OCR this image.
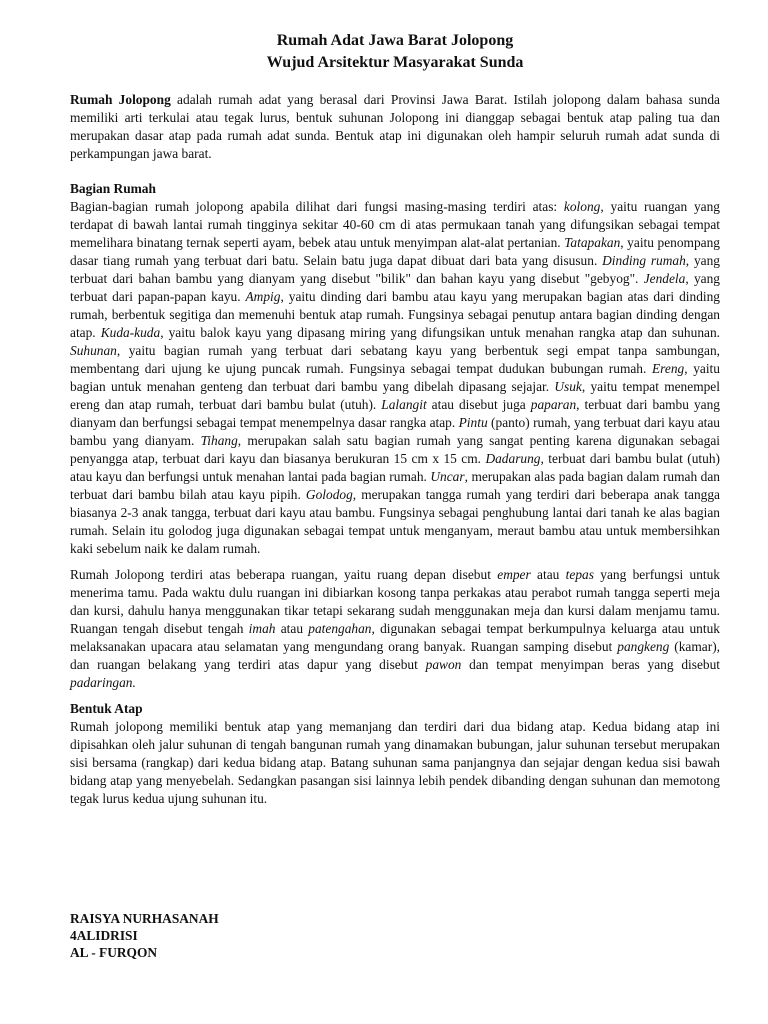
Rumah Adat Jawa Barat Jolopong
Wujud Arsitektur Masyarakat Sunda

Rumah Jolopong adalah rumah adat yang berasal dari Provinsi Jawa Barat. Istilah jolopong dalam bahasa sunda memiliki arti terkulai atau tegak lurus, bentuk suhunan Jolopong ini dianggap sebagai bentuk atap paling tua dan merupakan dasar atap pada rumah adat sunda. Bentuk atap ini digunakan oleh hampir seluruh rumah adat sunda di perkampungan jawa barat.

Bagian Rumah

Bagian-bagian rumah jolopong apabila dilihat dari fungsi masing-masing terdiri atas: kolong, yaitu ruangan yang terdapat di bawah lantai rumah tingginya sekitar 40-60 cm di atas permukaan tanah yang difungsikan sebagai tempat memelihara binatang ternak seperti ayam, bebek atau untuk menyimpan alat-alat pertanian. Tatapakan, yaitu penompang dasar tiang rumah yang terbuat dari batu. Selain batu juga dapat dibuat dari bata yang disusun. Dinding rumah, yang terbuat dari bahan bambu yang dianyam yang disebut "bilik" dan bahan kayu yang disebut "gebyog". Jendela, yang terbuat dari papan-papan kayu. Ampig, yaitu dinding dari bambu atau kayu yang merupakan bagian atas dari dinding rumah, berbentuk segitiga dan memenuhi bentuk atap rumah. Fungsinya sebagai penutup antara bagian dinding dengan atap. Kuda-kuda, yaitu balok kayu yang dipasang miring yang difungsikan untuk menahan rangka atap dan suhunan. Suhunan, yaitu bagian rumah yang terbuat dari sebatang kayu yang berbentuk segi empat tanpa sambungan, membentang dari ujung ke ujung puncak rumah. Fungsinya sebagai tempat dudukan bubungan rumah. Ereng, yaitu bagian untuk menahan genteng dan terbuat dari bambu yang dibelah dipasang sejajar. Usuk, yaitu tempat menempel ereng dan atap rumah, terbuat dari bambu bulat (utuh). Lalangit atau disebut juga paparan, terbuat dari bambu yang dianyam dan berfungsi sebagai tempat menempelnya dasar rangka atap. Pintu (panto) rumah, yang terbuat dari kayu atau bambu yang dianyam. Tihang, merupakan salah satu bagian rumah yang sangat penting karena digunakan sebagai penyangga atap, terbuat dari kayu dan biasanya berukuran 15 cm x 15 cm. Dadarung, terbuat dari bambu bulat (utuh) atau kayu dan berfungsi untuk menahan lantai pada bagian rumah. Uncar, merupakan alas pada bagian dalam rumah dan terbuat dari bambu bilah atau kayu pipih. Golodog, merupakan tangga rumah yang terdiri dari beberapa anak tangga biasanya 2-3 anak tangga, terbuat dari kayu atau bambu. Fungsinya sebagai penghubung lantai dari tanah ke alas bagian rumah. Selain itu golodog juga digunakan sebagai tempat untuk menganyam, meraut bambu atau untuk membersihkan kaki sebelum naik ke dalam rumah.

Rumah Jolopong terdiri atas beberapa ruangan, yaitu ruang depan disebut emper atau tepas yang berfungsi untuk menerima tamu. Pada waktu dulu ruangan ini dibiarkan kosong tanpa perkakas atau perabot rumah tangga seperti meja dan kursi, dahulu hanya menggunakan tikar tetapi sekarang sudah menggunakan meja dan kursi dalam menjamu tamu. Ruangan tengah disebut tengah imah atau patengahan, digunakan sebagai tempat berkumpulnya keluarga atau untuk melaksanakan upacara atau selamatan yang mengundang orang banyak. Ruangan samping disebut pangkeng (kamar), dan ruangan belakang yang terdiri atas dapur yang disebut pawon dan tempat menyimpan beras yang disebut padaringan.

Bentuk Atap

Rumah jolopong memiliki bentuk atap yang memanjang dan terdiri dari dua bidang atap. Kedua bidang atap ini dipisahkan oleh jalur suhunan di tengah bangunan rumah yang dinamakan bubungan, jalur suhunan tersebut merupakan sisi bersama (rangkap) dari kedua bidang atap. Batang suhunan sama panjangnya dan sejajar dengan kedua sisi bawah bidang atap yang menyebelah. Sedangkan pasangan sisi lainnya lebih pendek dibanding dengan suhunan dan memotong tegak lurus kedua ujung suhunan itu.

RAISYA NURHASANAH
4ALIDRISI
AL - FURQON
